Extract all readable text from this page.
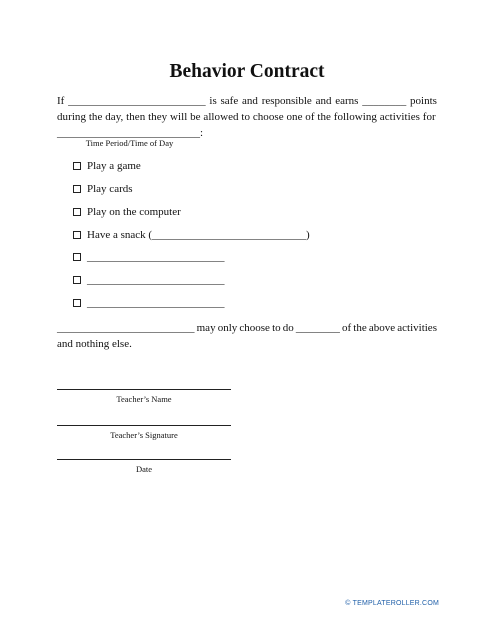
Behavior Contract
If _________________________ is safe and responsible and earns ________ points
during the day, then they will be allowed to choose one of the following activities for
__________________________:
Time Period/Time of Day
Play a game
Play cards
Play on the computer
Have a snack (____________________________)
_________________________
_________________________
_________________________
_________________________ may only choose to do ________ of the above activities
and nothing else.
Teacher’s Name
Teacher’s Signature
Date
© TEMPLATEROLLER.COM
